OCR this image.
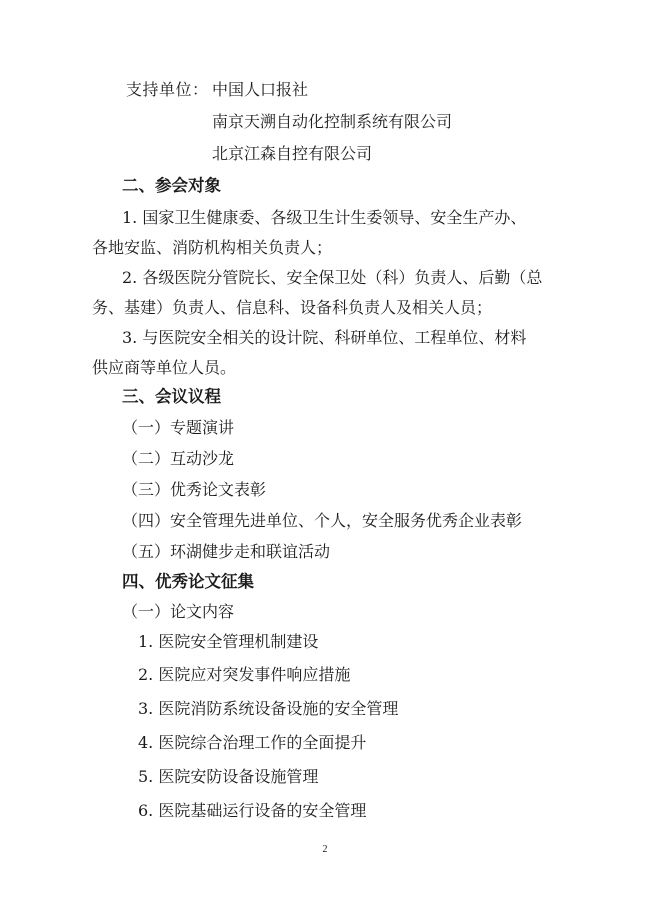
支持单位： 中国人口报社
南京天溯自动化控制系统有限公司
北京江森自控有限公司
二、参会对象
1. 国家卫生健康委、各级卫生计生委领导、安全生产办、
各地安监、消防机构相关负责人；
2. 各级医院分管院长、安全保卫处（科）负责人、后勤（总
务、基建）负责人、信息科、设备科负责人及相关人员；
3. 与医院安全相关的设计院、科研单位、工程单位、材料
供应商等单位人员。
三、会议议程
（一）专题演讲
（二）互动沙龙
（三）优秀论文表彰
（四）安全管理先进单位、个人，安全服务优秀企业表彰
（五）环湖健步走和联谊活动
四、优秀论文征集
（一）论文内容
1. 医院安全管理机制建设
2. 医院应对突发事件响应措施
3. 医院消防系统设备设施的安全管理
4. 医院综合治理工作的全面提升
5. 医院安防设备设施管理
6. 医院基础运行设备的安全管理
2
